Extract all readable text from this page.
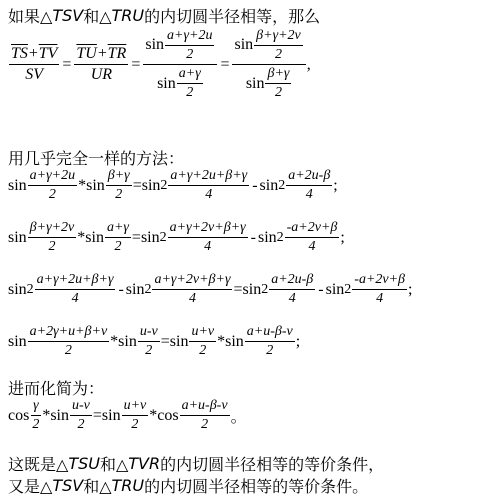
如果△ TSV 和△ TRU 的内切圆半径相等，那么
$\frac{\overline{TS}+\overline{TV}}{SV} = \frac{\overline{TU}+\overline{TR}}{UR} = \frac{\sin \frac{a+\gamma+2u}{2}}{\sin \frac{a+\gamma}{2}} = \frac{\sin \frac{\beta+\gamma+2v}{2}}{\sin \frac{\beta+\gamma}{2}}$ ,
用几乎完全一样的方法：
$\sin \frac{a+\gamma+2u}{2} * \sin \frac{\beta+\gamma}{2} = \sin 2 \frac{a+\gamma+2u+\beta+\gamma}{4} - \sin 2 \frac{a+2u-\beta}{4}$ ;
$\sin \frac{\beta+\gamma+2v}{2} * \sin \frac{a+\gamma}{2} = \sin 2 \frac{a+\gamma+2v+\beta+\gamma}{4} - \sin 2 \frac{-a+2v+\beta}{4}$ ;
$\sin 2 \frac{a+\gamma+2u+\beta+\gamma}{4} - \sin 2 \frac{a+\gamma+2v+\beta+\gamma}{4} = \sin 2 \frac{a+2u-\beta}{4} - \sin 2 \frac{-a+2v+\beta}{4}$ ;
$\sin \frac{a+2\gamma+u+\beta+v}{2} * \sin \frac{u-v}{2} = \sin \frac{u+v}{2} * \sin \frac{a+u-\beta-v}{2}$ ;
进而化简为：
$\cos \frac{\gamma}{2} * \sin \frac{u-v}{2} = \sin \frac{u+v}{2} * \cos \frac{a+u-\beta-v}{2}$ 。
这既是△ TSU 和△ TVR 的内切圆半径相等的等价条件，
又是△ TSV 和△ TRU 的内切圆半径相等的等价条件。
